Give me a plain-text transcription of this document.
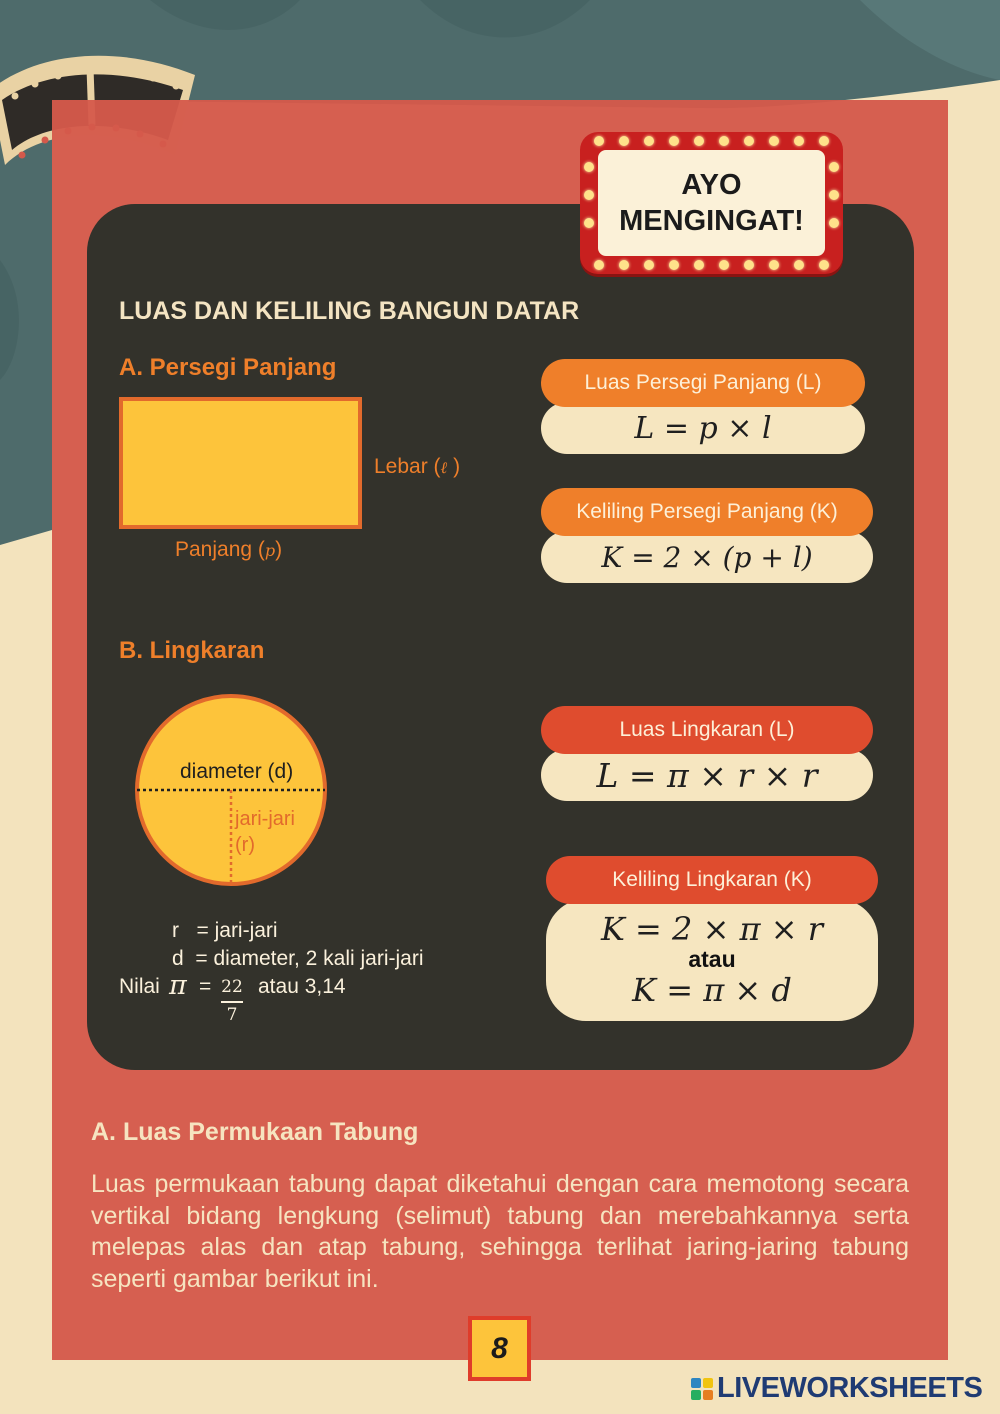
AYO
MENGINGAT!
LUAS DAN KELILING BANGUN DATAR
A. Persegi Panjang
Lebar (ℓ )
Panjang (p)
Luas Persegi Panjang (L)
L = p × l
Keliling Persegi Panjang (K)
K = 2 × (p + l)
B. Lingkaran
diameter (d)
jari-jari
(r)
Luas Lingkaran (L)
L = π × r × r
Keliling Lingkaran (K)
K = 2 × π × r
atau
K = π × d
r   = jari-jari
d  = diameter, 2 kali jari-jari
Nilai π = 22
7
atau 3,14
A. Luas Permukaan Tabung
Luas permukaan tabung dapat diketahui dengan cara memotong secara vertikal bidang lengkung (selimut) tabung dan merebahkannya serta melepas alas dan atap tabung, sehingga terlihat jaring-jaring tabung seperti gambar berikut ini.
8
LIVEWORKSHEETS
